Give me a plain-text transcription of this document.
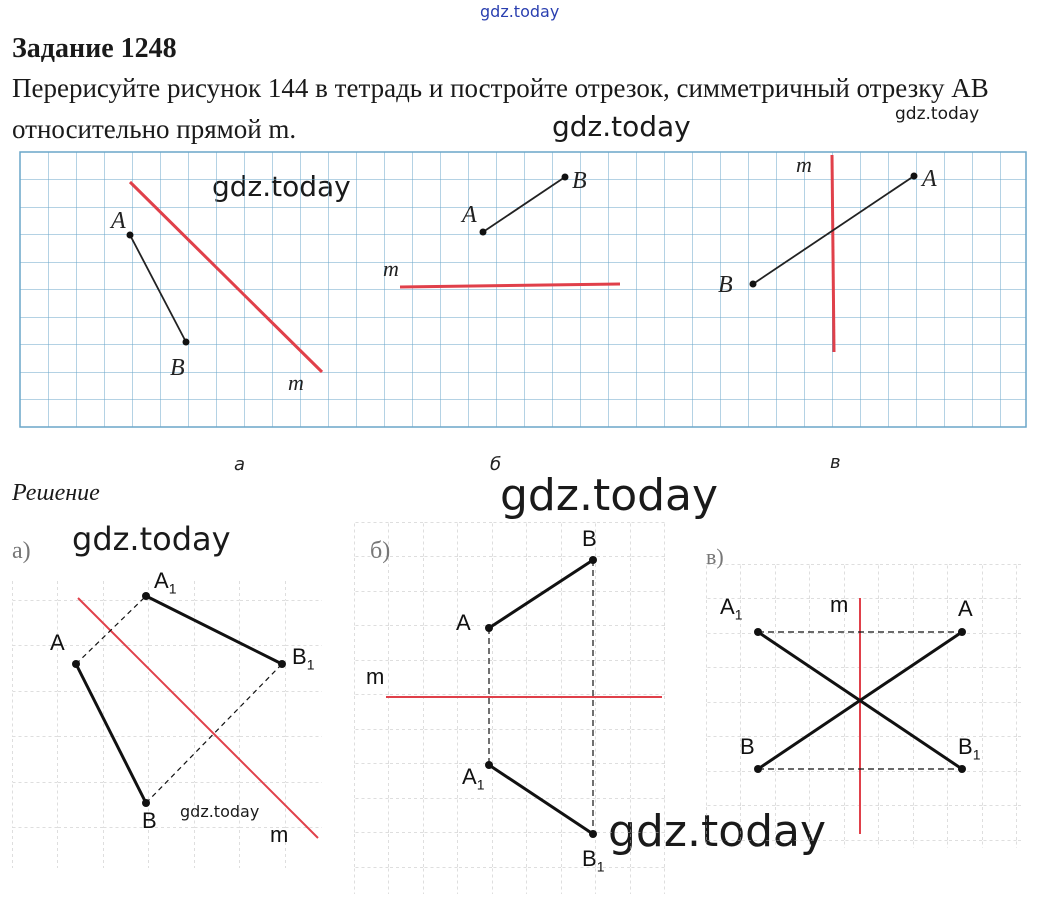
gdz.today
gdz.today
gdz.today
gdz.today
gdz.today
Задание 1248
Перерисуйте рисунок 144 в тетрадь и постройте отрезок, симметричный отрезку АВ относительно прямой m.
A
B
m
A
B
m
m
A
B
а	б	в
Решение
а)
A
$A_1$
$B_1$
B
m
б)	B
A
m
$A_1$
$B_1$
в)
$A_1$	m	A
B	$B_1$
